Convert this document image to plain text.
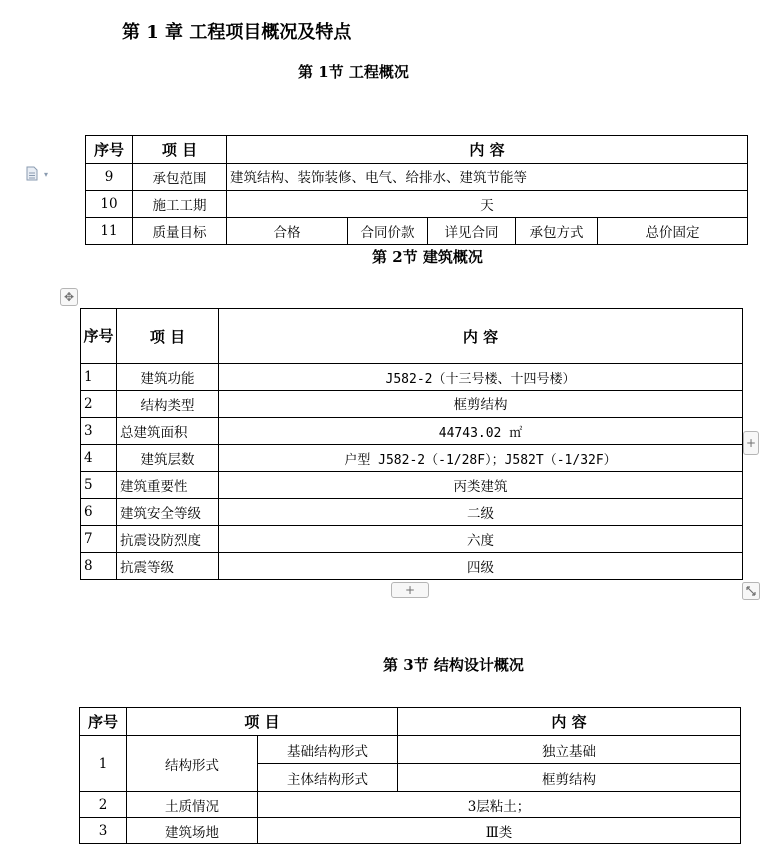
第 1 章 工程项目概况及特点
第 1节 工程概况
▾
序号	项 目	内 容				
9	承包范围	建筑结构、装饰装修、电气、给排水、建筑节能等				
10	施工工期	天				
11	质量目标	合格	合同价款	详见合同	承包方式	总价固定
第 2节 建筑概况
✥
序号	项 目	内 容
1	建筑功能	J582-2（十三号楼、十四号楼）
2	结构类型	框剪结构
3	总建筑面积	44743.02 ㎡
4	建筑层数	户型 J582-2（-1/28F）；J582T（-1/32F）
5	建筑重要性	丙类建筑
6	建筑安全等级	二级
7	抗震设防烈度	六度
8	抗震等级	四级
+
+
第 3节 结构设计概况
序号	项 目		内 容
1	结构形式	基础结构形式	独立基础
		主体结构形式	框剪结构
2	土质情况	3层粘土；	
3	建筑场地	Ⅲ类	
